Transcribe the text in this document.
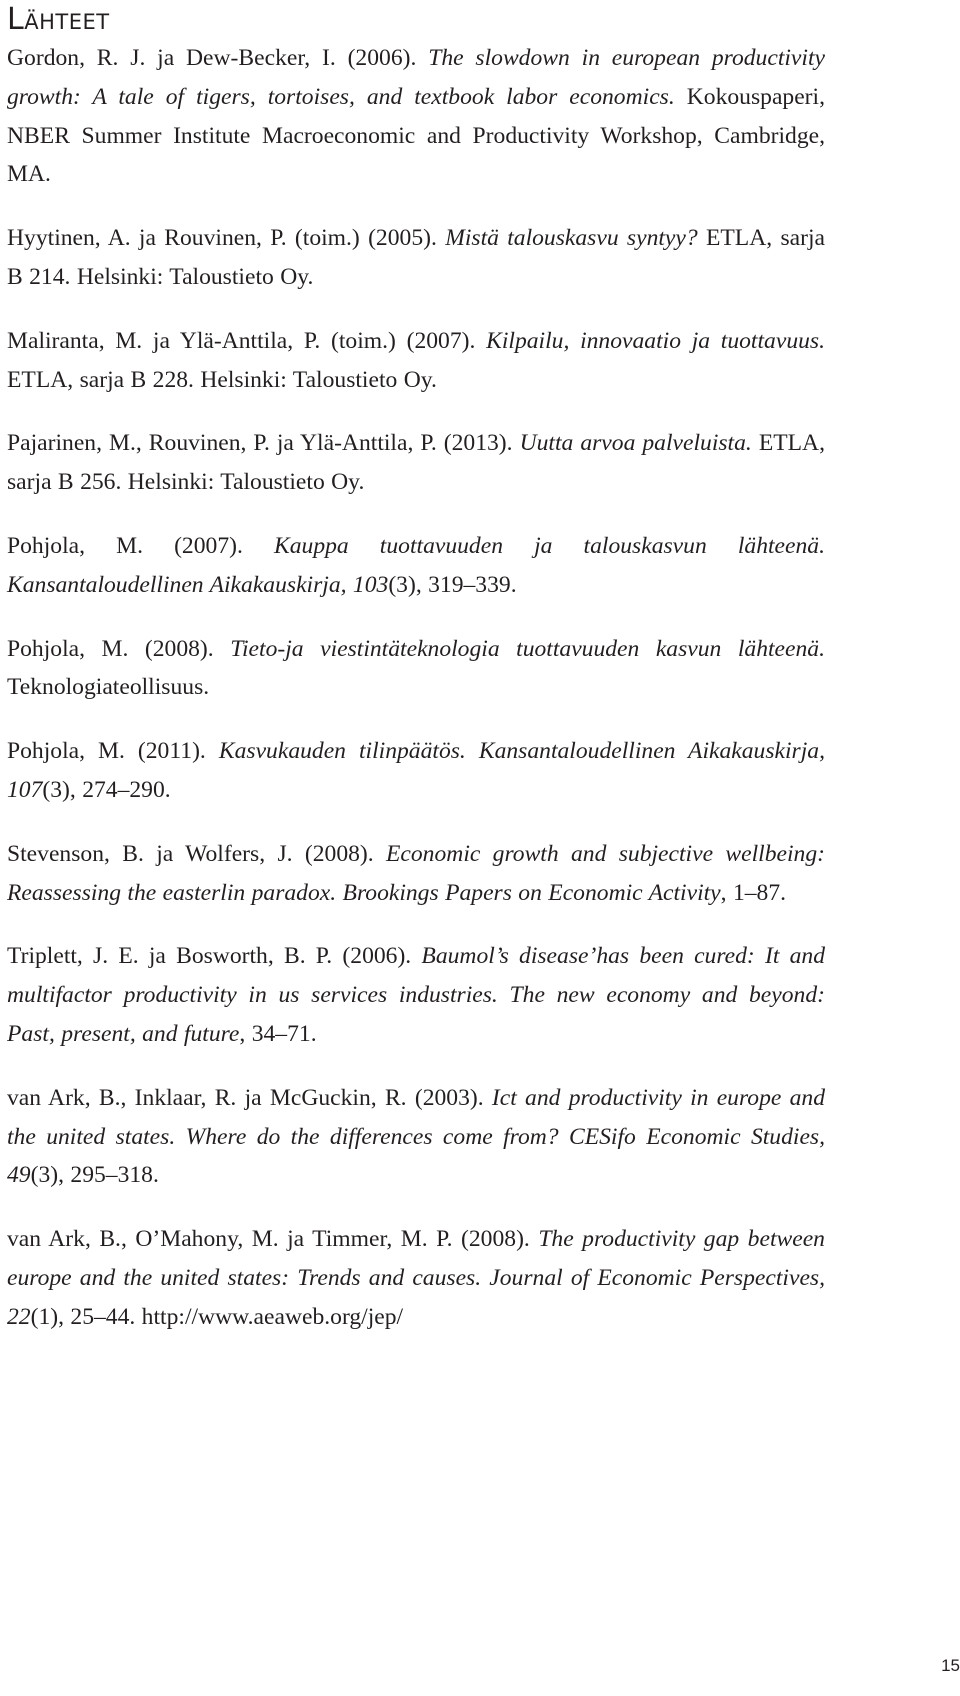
Lähteet
Gordon, R. J. ja Dew-Becker, I. (2006). The slowdown in european productivity growth: A tale of tigers, tortoises, and textbook labor economics. Kokouspaperi, NBER Summer Institute Macroeconomic and Productivity Workshop, Cambridge, MA.
Hyytinen, A. ja Rouvinen, P. (toim.) (2005). Mistä talouskasvu syntyy? ETLA, sarja B 214. Helsinki: Taloustieto Oy.
Maliranta, M. ja Ylä-Anttila, P. (toim.) (2007). Kilpailu, innovaatio ja tuottavuus. ETLA, sarja B 228. Helsinki: Taloustieto Oy.
Pajarinen, M., Rouvinen, P. ja Ylä-Anttila, P. (2013). Uutta arvoa palveluista. ETLA, sarja B 256. Helsinki: Taloustieto Oy.
Pohjola, M. (2007). Kauppa tuottavuuden ja talouskasvun lähteenä. Kansantaloudellinen Aikakauskirja, 103(3), 319–339.
Pohjola, M. (2008). Tieto-ja viestintäteknologia tuottavuuden kasvun lähteenä. Teknologiateollisuus.
Pohjola, M. (2011). Kasvukauden tilinpäätös. Kansantaloudellinen Aikakauskirja, 107(3), 274–290.
Stevenson, B. ja Wolfers, J. (2008). Economic growth and subjective wellbeing: Reassessing the easterlin paradox. Brookings Papers on Economic Activity, 1–87.
Triplett, J. E. ja Bosworth, B. P. (2006). Baumol’s disease’has been cured: It and multifactor productivity in us services industries. The new economy and beyond: Past, present, and future, 34–71.
van Ark, B., Inklaar, R. ja McGuckin, R. (2003). Ict and productivity in europe and the united states. Where do the differences come from? CESifo Economic Studies, 49(3), 295–318.
van Ark, B., O’Mahony, M. ja Timmer, M. P. (2008). The productivity gap between europe and the united states: Trends and causes. Journal of Economic Perspectives, 22(1), 25–44. http://www.aeaweb.org/jep/
15
